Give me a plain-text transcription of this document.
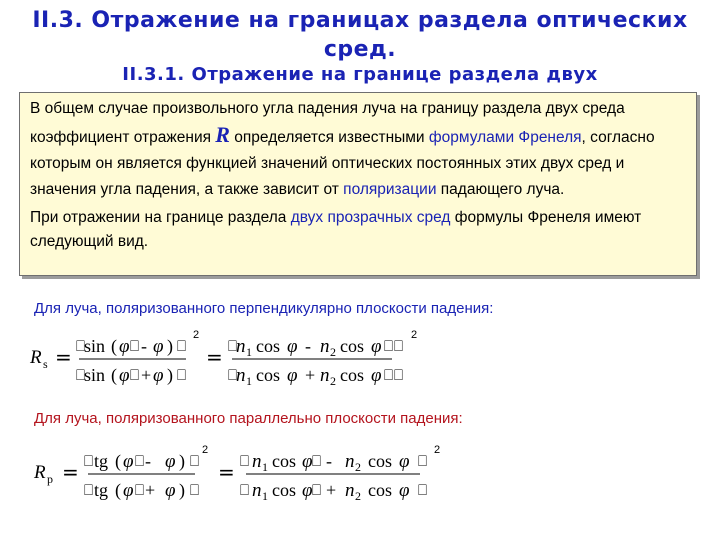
II.3. Отражение на границах раздела оптических сред.
II.3.1. Отражение на границе раздела двух

В общем случае произвольного угла падения луча на границу раздела двух среда коэффициент отражения R определяется известными формулами Френеля, согласно которым он является функцией значений оптических постоянных этих двух сред и значения угла падения, а также зависит от поляризации падающего луча.

При отражении на границе раздела двух прозрачных сред формулы Френеля имеют следующий вид.

Для луча, поляризованного перпендикулярно плоскости падения:
R s = ⎕
sin ( φ ⎕ - φ ) ⎕
⎕
sin ( φ ⎕ + φ ) ⎕
2
= ⎕
n 1 cos φ - n 2 cos φ ⎕ ⎕
⎕
n 1 cos φ + n 2 cos φ ⎕ ⎕
2
Для луча, поляризованного параллельно плоскости падения:
R p = ⎕ tg ( φ ⎕ - φ ) ⎕
⎕ tg ( φ ⎕ + φ ) ⎕
2
= ⎕ n 1 cos φ ⎕ - n 2 cos φ ⎕
⎕ n 1 cos φ ⎕ + n 2 cos φ ⎕
2
